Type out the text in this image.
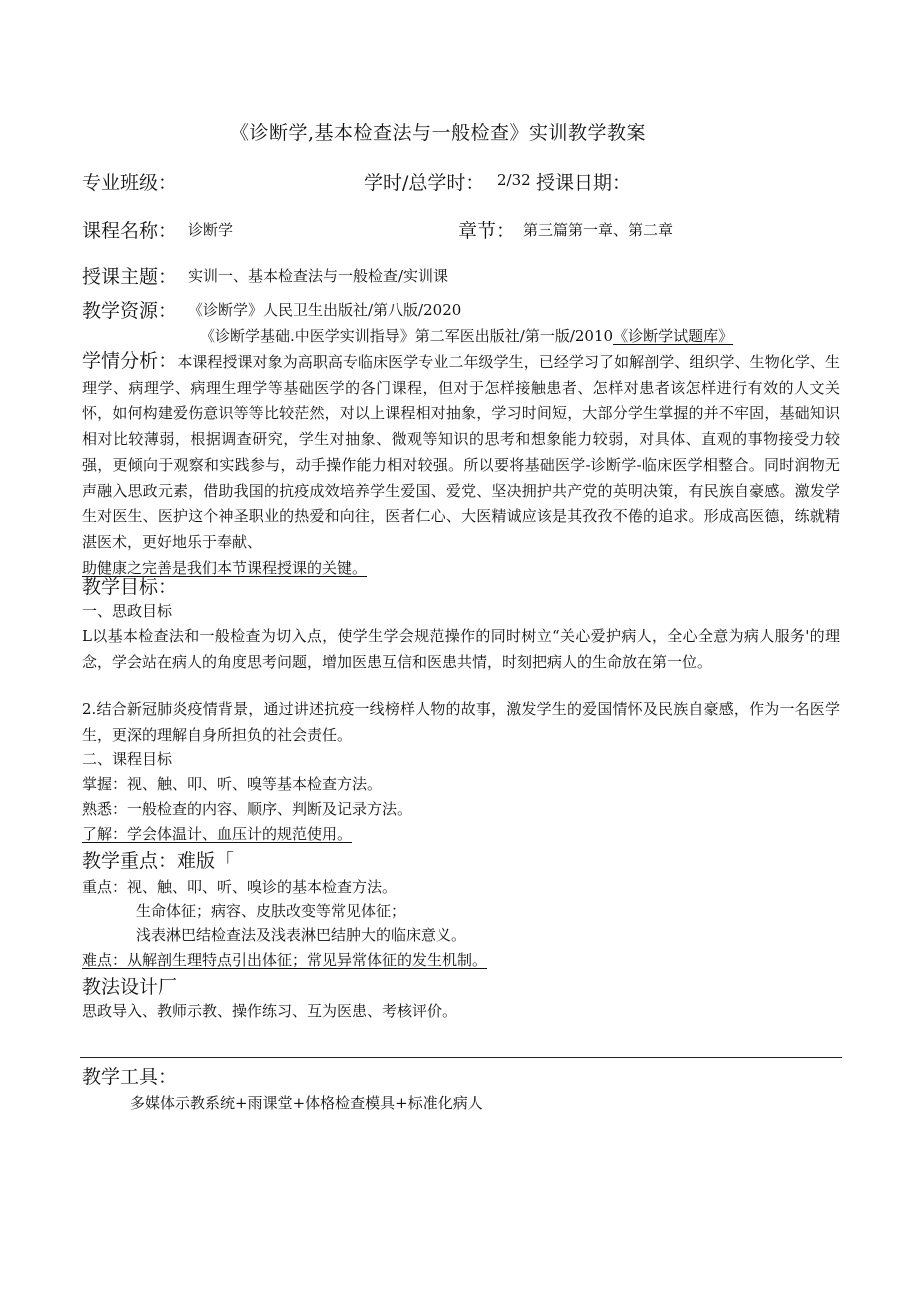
《诊断学,基本检查法与一般检查》实训教学教案
专业班级：	学时/总学时： 2/32 授课日期：
课程名称： 诊断学	章节： 第三篇第一章、第二章
授课主题： 实训一、基本检查法与一般检查/实训课
教学资源： 《诊断学》人民卫生出版社/第八版/2020
《诊断学基础.中医学实训指导》第二军医出版社/第一版/2010《诊断学试题库》
学情分析：本课程授课对象为高职高专临床医学专业二年级学生，已经学习了如解剖学、组织学、生物化学、生理学、病理学、病理生理学等基础医学的各门课程，但对于怎样接触患者、怎样对患者该怎样进行有效的人文关怀，如何构建爱伤意识等等比较茫然，对以上课程相对抽象，学习时间短，大部分学生掌握的并不牢固，基础知识相对比较薄弱，根据调查研究，学生对抽象、微观等知识的思考和想象能力较弱，对具体、直观的事物接受力较强，更倾向于观察和实践参与，动手操作能力相对较强。所以要将基础医学-诊断学-临床医学相整合。同时润物无声融入思政元素，借助我国的抗疫成效培养学生爱国、爱党、坚决拥护共产党的英明决策，有民族自豪感。激发学生对医生、医护这个神圣职业的热爱和向往，医者仁心、大医精诚应该是其孜孜不倦的追求。形成高医德，练就精湛医术，更好地乐于奉献、
助健康之完善是我们本节课程授课的关键。
教学目标：
一、思政目标
L以基本检查法和一般检查为切入点，使学生学会规范操作的同时树立“关心爱护病人，全心全意为病人服务'的理念，学会站在病人的角度思考问题，增加医患互信和医患共情，时刻把病人的生命放在第一位。
2.结合新冠肺炎疫情背景，通过讲述抗疫一线榜样人物的故事，激发学生的爱国情怀及民族自豪感，作为一名医学生，更深的理解自身所担负的社会责任。
二、课程目标
掌握：视、触、叩、听、嗅等基本检查方法。
熟悉：一般检查的内容、顺序、判断及记录方法。
了解：学会体温计、血压计的规范使用。
教学重点：难版「
重点：视、触、叩、听、嗅诊的基本检查方法。
生命体征；病容、皮肤改变等常见体征；
浅表淋巴结检查法及浅表淋巴结肿大的临床意义。
难点：从解剖生理特点引出体征；常见异常体征的发生机制。
教法设计厂
思政导入、教师示教、操作练习、互为医患、考核评价。
教学工具：
多媒体示教系统+雨课堂+体格检查模具+标准化病人
